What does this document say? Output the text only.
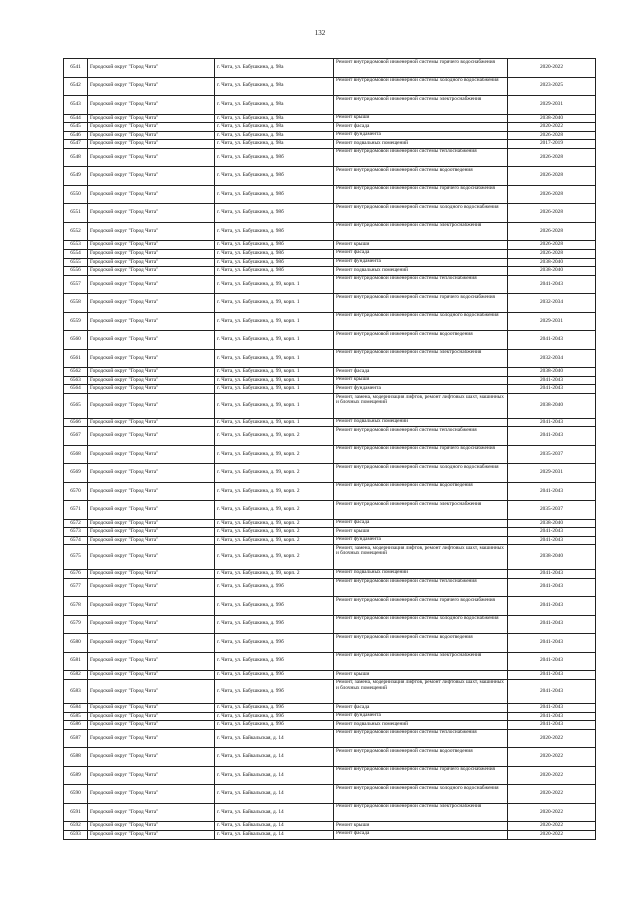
132
6541	Городской округ "Город Чита"	г. Чита, ул. Бабушкина, д. 98а	Ремонт внутридомовой инженерной системы горячего водоснабжения	2020-2022
6542	Городской округ "Город Чита"	г. Чита, ул. Бабушкина, д. 98а	Ремонт внутридомовой инженерной системы холодного водоснабжения	2023-2025
6543	Городской округ "Город Чита"	г. Чита, ул. Бабушкина, д. 98а	Ремонт внутридомовой инженерной системы электроснабжения	2029-2031
6544	Городской округ "Город Чита"	г. Чита, ул. Бабушкина, д. 98а	Ремонт крыши	2038-2040
6545	Городской округ "Город Чита"	г. Чита, ул. Бабушкина, д. 98а	Ремонт фасада	2020-2022
6546	Городской округ "Город Чита"	г. Чита, ул. Бабушкина, д. 98а	Ремонт фундамента	2026-2028
6547	Городской округ "Город Чита"	г. Чита, ул. Бабушкина, д. 98а	Ремонт подвальных помещений	2017-2019
6548	Городской округ "Город Чита"	г. Чита, ул. Бабушкина, д. 98б	Ремонт внутридомовой инженерной системы теплоснабжения	2026-2028
6549	Городской округ "Город Чита"	г. Чита, ул. Бабушкина, д. 98б	Ремонт внутридомовой инженерной системы водоотведения	2026-2028
6550	Городской округ "Город Чита"	г. Чита, ул. Бабушкина, д. 98б	Ремонт внутридомовой инженерной системы горячего водоснабжения	2026-2028
6551	Городской округ "Город Чита"	г. Чита, ул. Бабушкина, д. 98б	Ремонт внутридомовой инженерной системы холодного водоснабжения	2026-2028
6552	Городской округ "Город Чита"	г. Чита, ул. Бабушкина, д. 98б	Ремонт внутридомовой инженерной системы электроснабжения	2026-2028
6553	Городской округ "Город Чита"	г. Чита, ул. Бабушкина, д. 98б	Ремонт крыши	2026-2028
6554	Городской округ "Город Чита"	г. Чита, ул. Бабушкина, д. 98б	Ремонт фасада	2026-2028
6555	Городской округ "Город Чита"	г. Чита, ул. Бабушкина, д. 98б	Ремонт фундамента	2038-2040
6556	Городской округ "Город Чита"	г. Чита, ул. Бабушкина, д. 98б	Ремонт подвальных помещений	2038-2040
6557	Городской округ "Город Чита"	г. Чита, ул. Бабушкина, д. 99, корп. 1	Ремонт внутридомовой инженерной системы теплоснабжения	2041-2043
6558	Городской округ "Город Чита"	г. Чита, ул. Бабушкина, д. 99, корп. 1	Ремонт внутридомовой инженерной системы горячего водоснабжения	2032-2034
6559	Городской округ "Город Чита"	г. Чита, ул. Бабушкина, д. 99, корп. 1	Ремонт внутридомовой инженерной системы холодного водоснабжения	2029-2031
6560	Городской округ "Город Чита"	г. Чита, ул. Бабушкина, д. 99, корп. 1	Ремонт внутридомовой инженерной системы водоотведения	2041-2043
6561	Городской округ "Город Чита"	г. Чита, ул. Бабушкина, д. 99, корп. 1	Ремонт внутридомовой инженерной системы электроснабжения	2032-2034
6562	Городской округ "Город Чита"	г. Чита, ул. Бабушкина, д. 99, корп. 1	Ремонт фасада	2038-2040
6563	Городской округ "Город Чита"	г. Чита, ул. Бабушкина, д. 99, корп. 1	Ремонт крыши	2041-2043
6564	Городской округ "Город Чита"	г. Чита, ул. Бабушкина, д. 99, корп. 1	Ремонт фундамента	2041-2043
6565	Городской округ "Город Чита"	г. Чита, ул. Бабушкина, д. 99, корп. 1	Ремонт, замена, модернизация лифтов, ремонт лифтовых шахт, машинных и блочных помещений	2038-2040
6566	Городской округ "Город Чита"	г. Чита, ул. Бабушкина, д. 99, корп. 1	Ремонт подвальных помещений	2041-2043
6567	Городской округ "Город Чита"	г. Чита, ул. Бабушкина, д. 99, корп. 2	Ремонт внутридомовой инженерной системы теплоснабжения	2041-2043
6568	Городской округ "Город Чита"	г. Чита, ул. Бабушкина, д. 99, корп. 2	Ремонт внутридомовой инженерной системы горячего водоснабжения	2035-2037
6569	Городской округ "Город Чита"	г. Чита, ул. Бабушкина, д. 99, корп. 2	Ремонт внутридомовой инженерной системы холодного водоснабжения	2029-2031
6570	Городской округ "Город Чита"	г. Чита, ул. Бабушкина, д. 99, корп. 2	Ремонт внутридомовой инженерной системы водоотведения	2041-2043
6571	Городской округ "Город Чита"	г. Чита, ул. Бабушкина, д. 99, корп. 2	Ремонт внутридомовой инженерной системы электроснабжения	2035-2037
6572	Городской округ "Город Чита"	г. Чита, ул. Бабушкина, д. 99, корп. 2	Ремонт фасада	2038-2040
6573	Городской округ "Город Чита"	г. Чита, ул. Бабушкина, д. 99, корп. 2	Ремонт крыши	2041-2043
6574	Городской округ "Город Чита"	г. Чита, ул. Бабушкина, д. 99, корп. 2	Ремонт фундамента	2041-2043
6575	Городской округ "Город Чита"	г. Чита, ул. Бабушкина, д. 99, корп. 2	Ремонт, замена, модернизация лифтов, ремонт лифтовых шахт, машинных и блочных помещений	2038-2040
6576	Городской округ "Город Чита"	г. Чита, ул. Бабушкина, д. 99, корп. 2	Ремонт подвальных помещений	2041-2043
6577	Городской округ "Город Чита"	г. Чита, ул. Бабушкина, д. 99б	Ремонт внутридомовой инженерной системы теплоснабжения	2041-2043
6578	Городской округ "Город Чита"	г. Чита, ул. Бабушкина, д. 99б	Ремонт внутридомовой инженерной системы горячего водоснабжения	2041-2043
6579	Городской округ "Город Чита"	г. Чита, ул. Бабушкина, д. 99б	Ремонт внутридомовой инженерной системы холодного водоснабжения	2041-2043
6580	Городской округ "Город Чита"	г. Чита, ул. Бабушкина, д. 99б	Ремонт внутридомовой инженерной системы водоотведения	2041-2043
6581	Городской округ "Город Чита"	г. Чита, ул. Бабушкина, д. 99б	Ремонт внутридомовой инженерной системы электроснабжения	2041-2043
6582	Городской округ "Город Чита"	г. Чита, ул. Бабушкина, д. 99б	Ремонт крыши	2041-2043
6583	Городской округ "Город Чита"	г. Чита, ул. Бабушкина, д. 99б	Ремонт, замена, модернизация лифтов, ремонт лифтовых шахт, машинных и блочных помещений	2041-2043
6584	Городской округ "Город Чита"	г. Чита, ул. Бабушкина, д. 99б	Ремонт фасада	2041-2043
6585	Городской округ "Город Чита"	г. Чита, ул. Бабушкина, д. 99б	Ремонт фундамента	2041-2043
6586	Городской округ "Город Чита"	г. Чита, ул. Бабушкина, д. 99б	Ремонт подвальных помещений	2041-2043
6587	Городской округ "Город Чита"	г. Чита, ул. Байкальская, д. 14	Ремонт внутридомовой инженерной системы теплоснабжения	2020-2022
6588	Городской округ "Город Чита"	г. Чита, ул. Байкальская, д. 14	Ремонт внутридомовой инженерной системы водоотведения	2020-2022
6589	Городской округ "Город Чита"	г. Чита, ул. Байкальская, д. 14	Ремонт внутридомовой инженерной системы горячего водоснабжения	2020-2022
6590	Городской округ "Город Чита"	г. Чита, ул. Байкальская, д. 14	Ремонт внутридомовой инженерной системы холодного водоснабжения	2020-2022
6591	Городской округ "Город Чита"	г. Чита, ул. Байкальская, д. 14	Ремонт внутридомовой инженерной системы электроснабжения	2020-2022
6592	Городской округ "Город Чита"	г. Чита, ул. Байкальская, д. 14	Ремонт крыши	2020-2022
6593	Городской округ "Город Чита"	г. Чита, ул. Байкальская, д. 14	Ремонт фасада	2020-2022
